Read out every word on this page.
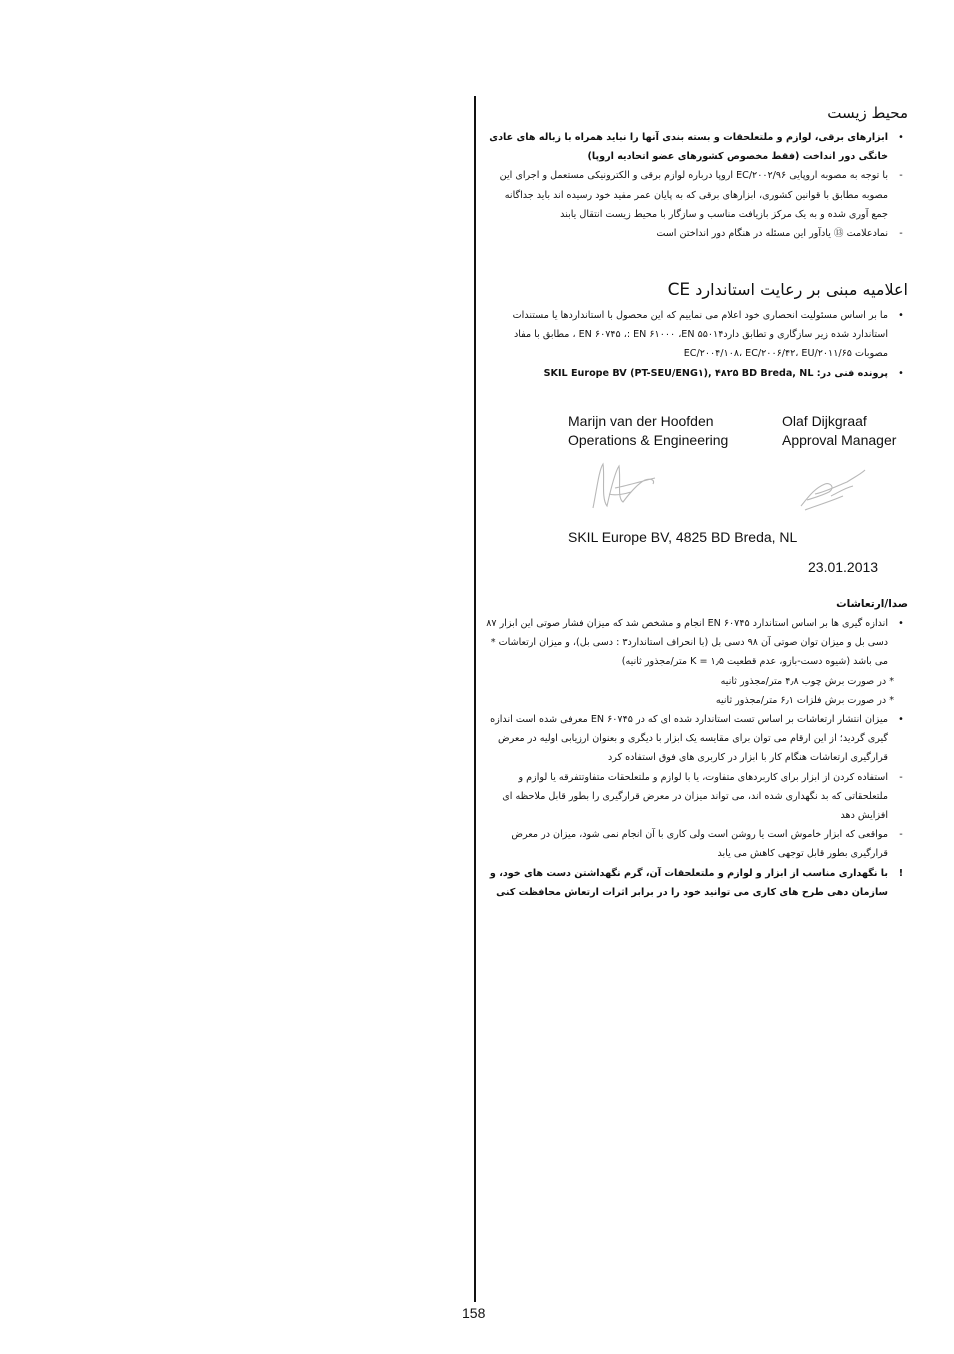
محیط زیست
•
ابزارهای برقی، لوازم و ملتعلحقات و بسته بندی آنها را نباید همراه با زباله های عادی خانگی دور انداخت (فقط مخصوص کشورهای عضو اتحادیه اروپا)
-
با توجه به مصوبه اروپایی EC/۲۰۰۲/۹۶ اروپا درباره لوازم برقی و الکترونیکی مستعمل و اجرای این مصوبه مطابق با قوانین کشوری، ابزارهای برقی که به پایان عمر مفید خود رسیده اند باید جداگانه جمع آوری شده و به یک مرکز بازیافت مناسب و سازگار با محیط زیست انتقال یابند
-
نمادعلامت ⑬ یادآور این مسئله در هنگام دور انداختن است
اعلامیه مبنی بر رعایت استاندارد CE
•
ما بر اساس مسئولیت انحصاری خود اعلام می نماییم که این محصول با استانداردها یا مستندات استاندارد شده زیر سازگاری و تطابق داردEN ۶۰۷۴۵ ،: EN ۶۱۰۰۰ ،EN ۵۵۰۱۴ ، مطابق با مفاد مصوبات EC/۲۰۰۴/۱۰۸، EC/۲۰۰۶/۴۲، EU/۲۰۱۱/۶۵
•
پرونده فنی در: SKIL Europe BV (PT-SEU/ENG۱), ۴۸۲۵ BD Breda, NL
Marijn van der Hoofden
Operations & Engineering
Olaf Dijkgraaf
Approval Manager
SKIL Europe BV, 4825 BD Breda, NL
23.01.2013
صدا/ارتعاشات
•
اندازه گیری ها بر اساس استاندارد EN ۶۰۷۴۵ انجام و مشخص شد که میزان فشار صوتی این ابزار ۸۷ دسی بل و میزان توان صوتی آن ۹۸ دسی بل (با انحراف استاندارد۳ : دسی بل)، و میزان ارتعاشات * می باشد (شیوه دست-بازو، عدم قطعیت K = ۱٫۵ متر/مجذور ثانیه)
* در صورت برش چوب ۴٫۸ متر/مجذور ثانیه
* در صورت برش فلزات ۶٫۱ متر/مجذور ثانیه
•
میزان انتشار ارتعاشات بر اساس تست استاندارد شده ای که در EN ۶۰۷۴۵ معرفی شده است اندازه گیری گردید؛ از این ارقام می توان برای مقایسه یک ابزار با دیگری و بعنوان ارزیابی اولیه در معرض قرارگیری ارتعاشات هنگام کار با ابزار در کاربری های فوق استفاده کرد
-
استفاده کردن از ابزار برای کاربردهای متفاوت، یا با لوازم و ملتعلحقات متفاوتتفرقه یا لوازم و ملتعلحقاتی که بد نگهداری شده اند، می تواند میزان در معرض قرارگیری را بطور قابل ملاحظه ای افزایش دهد
-
مواقعی که ابزار خاموش است یا روشن است ولی کاری با آن انجام نمی شود، میزان در معرض قرارگیری بطور قابل توجهی کاهش می یابد
!
با نگهداری مناسب از ابزار و لوازم و ملتعلحقات آن، گرم نگهداشتن دست های خود، و سازمان دهی طرح های کاری می توانید خود را در برابر اثرات ارتعاش محافظت کنی
158
